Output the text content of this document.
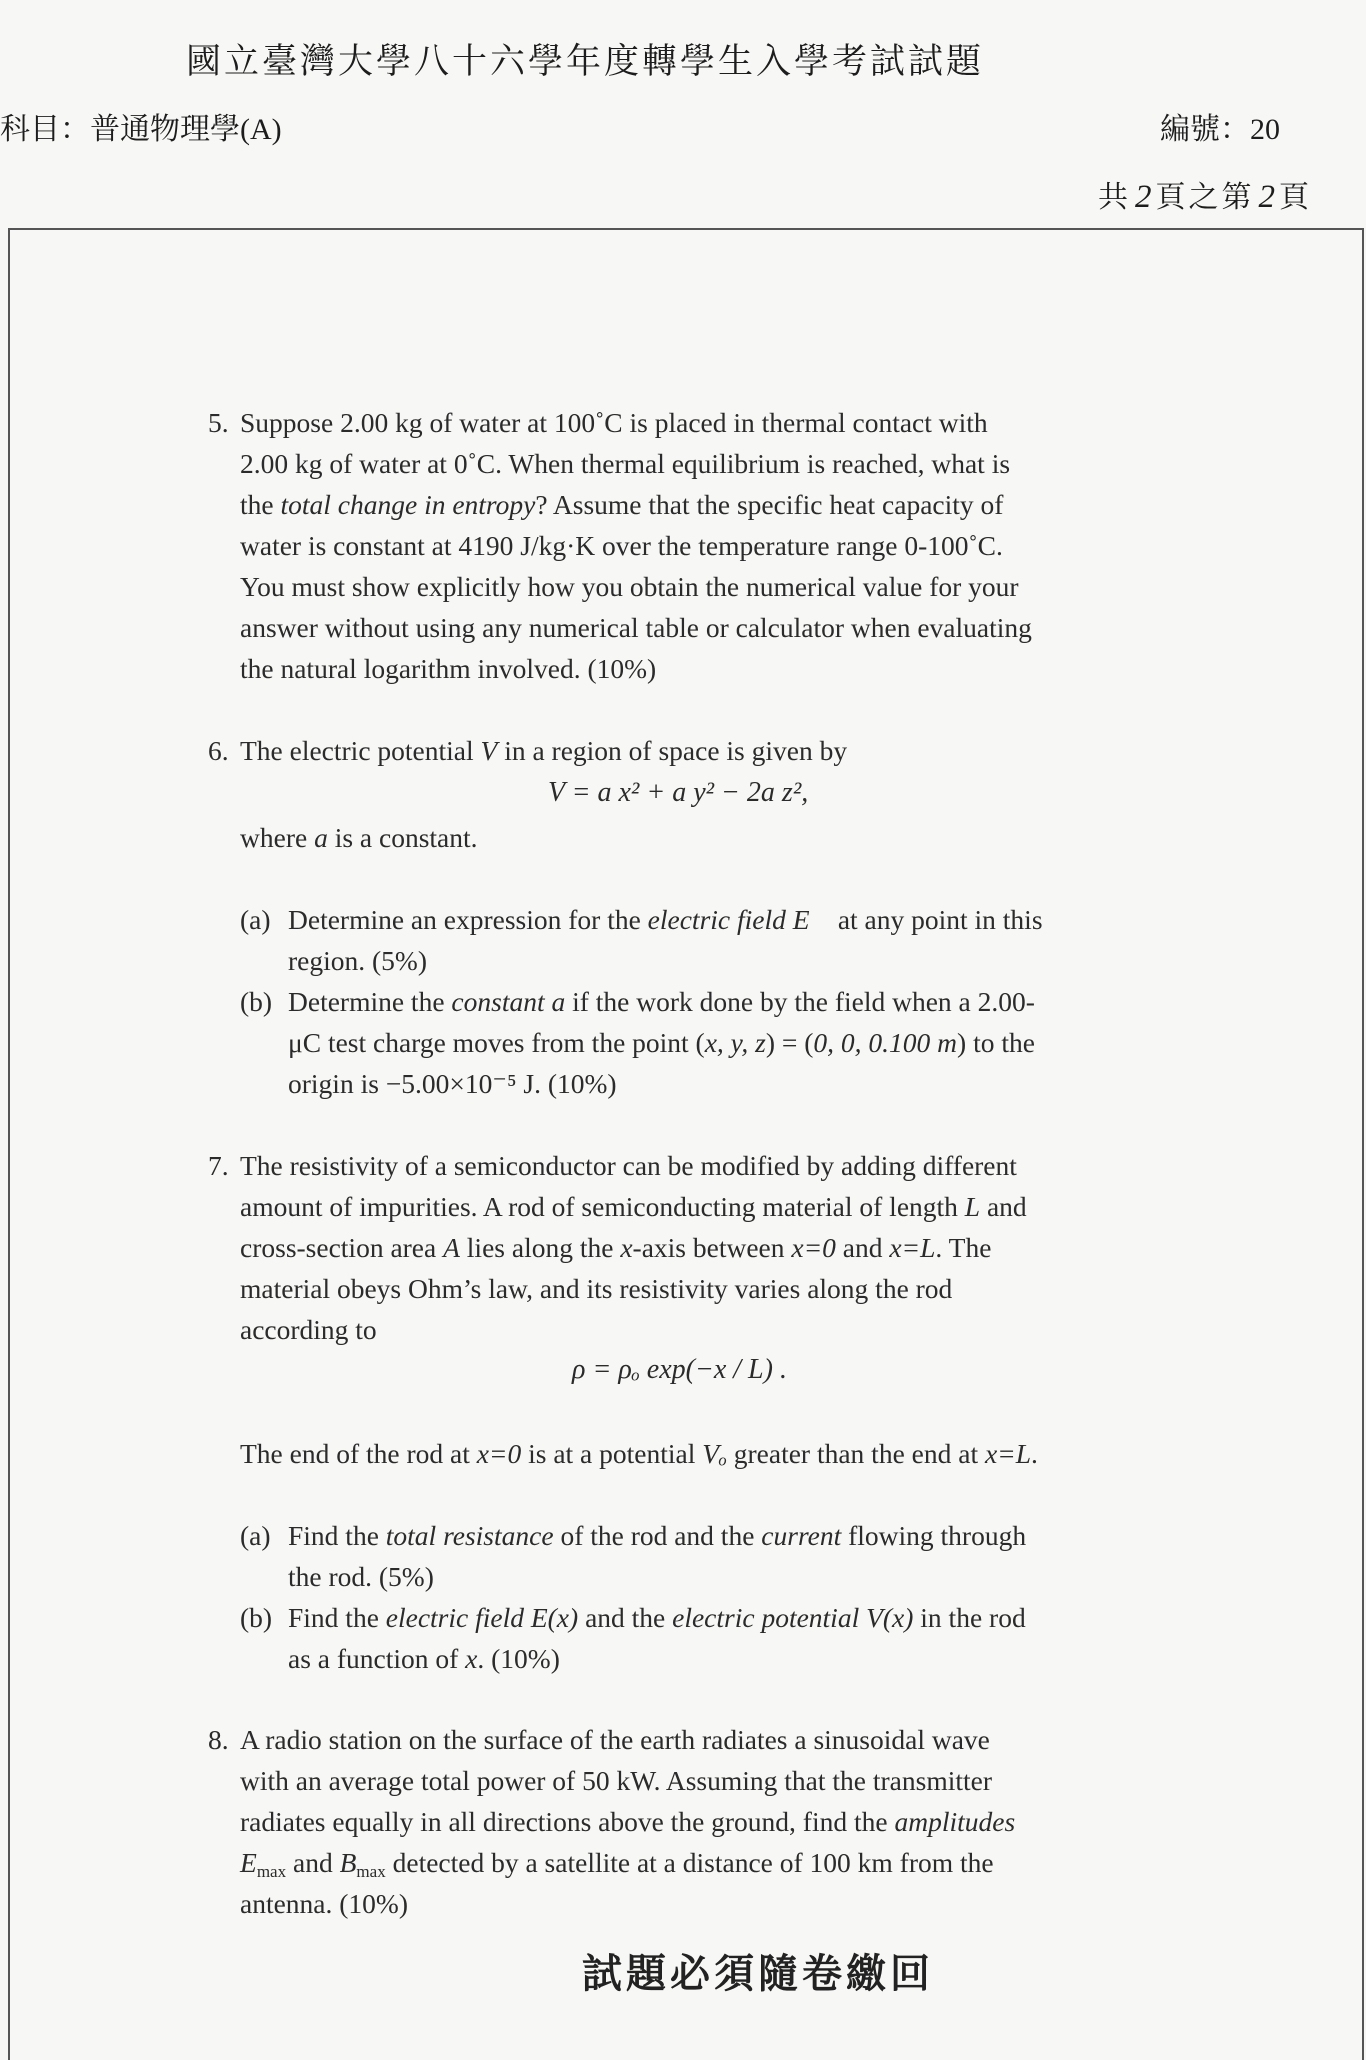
國立臺灣大學八十六學年度轉學生入學考試試題
科目：普通物理學(A)	編號：20
共 2 頁之第 2 頁
5. Suppose 2.00 kg of water at 100˚C is placed in thermal contact with
2.00 kg of water at 0˚C. When thermal equilibrium is reached, what is
the total change in entropy? Assume that the specific heat capacity of
water is constant at 4190 J/kg·K over the temperature range 0-100˚C.
You must show explicitly how you obtain the numerical value for your
answer without using any numerical table or calculator when evaluating
the natural logarithm involved. (10%)
6. The electric potential V in a region of space is given by
V = a x² + a y² − 2a z²,
where a is a constant.
(a) Determine an expression for the electric field E⃗ at any point in this
region. (5%)
(b) Determine the constant a if the work done by the field when a 2.00-
μC test charge moves from the point (x, y, z) = (0, 0, 0.100 m) to the
origin is −5.00×10⁻⁵ J. (10%)
7. The resistivity of a semiconductor can be modified by adding different
amount of impurities. A rod of semiconducting material of length L and
cross-section area A lies along the x-axis between x=0 and x=L. The
material obeys Ohm’s law, and its resistivity varies along the rod
according to
ρ = ρₒ exp(−x / L) .
The end of the rod at x=0 is at a potential Vₒ greater than the end at x=L.
(a) Find the total resistance of the rod and the current flowing through
the rod. (5%)
(b) Find the electric field E(x) and the electric potential V(x) in the rod
as a function of x. (10%)
8. A radio station on the surface of the earth radiates a sinusoidal wave
with an average total power of 50 kW. Assuming that the transmitter
radiates equally in all directions above the ground, find the amplitudes
$E_{max}$ and $B_{max}$ detected by a satellite at a distance of 100 km from the
antenna. (10%)
試題必須隨卷繳回
